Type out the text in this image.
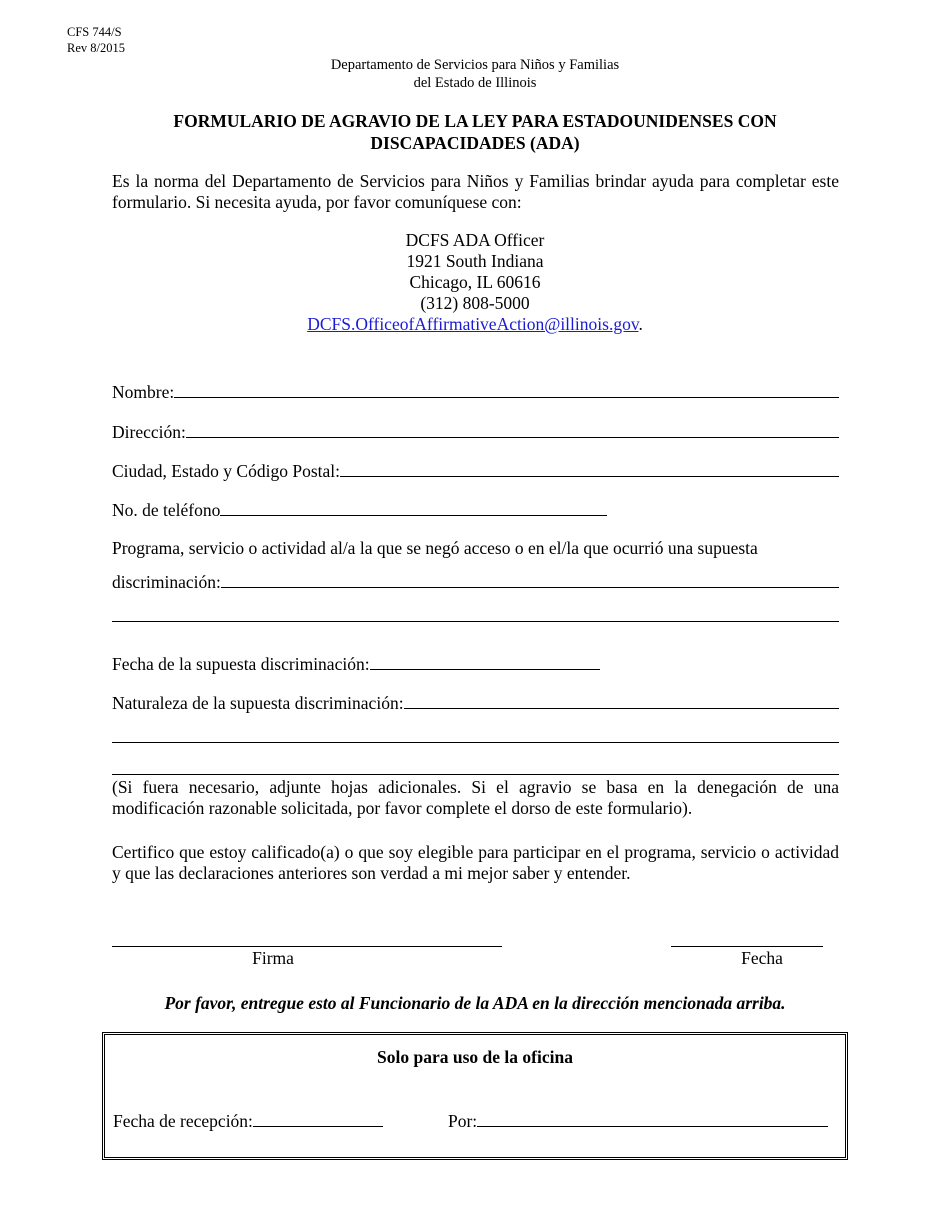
CFS 744/S
Rev 8/2015
Departamento de Servicios para Niños y Familias
del Estado de Illinois
FORMULARIO DE AGRAVIO DE LA LEY PARA ESTADOUNIDENSES CON
DISCAPACIDADES (ADA)
Es la norma del Departamento de Servicios para Niños y Familias brindar ayuda para completar este formulario. Si necesita ayuda, por favor comuníquese con:
DCFS ADA Officer
1921 South Indiana
Chicago, IL 60616
(312) 808-5000
DCFS.OfficeofAffirmativeAction@illinois.gov.
Nombre:
Dirección:
Ciudad, Estado y Código Postal:
No. de teléfono
Programa, servicio o actividad al/a la que se negó acceso o en el/la que ocurrió una supuesta
discriminación:
Fecha de la supuesta discriminación:
Naturaleza de la supuesta discriminación:
(Si fuera necesario, adjunte hojas adicionales. Si el agravio se basa en la denegación de una modificación razonable solicitada, por favor complete el dorso de este formulario).
Certifico que estoy calificado(a) o que soy elegible para participar en el programa, servicio o actividad y que las declaraciones anteriores son verdad a mi mejor saber y entender.
Firma	Fecha
Por favor, entregue esto al Funcionario de la ADA en la dirección mencionada arriba.
Solo para uso de la oficina
Fecha de recepción:	Por:
